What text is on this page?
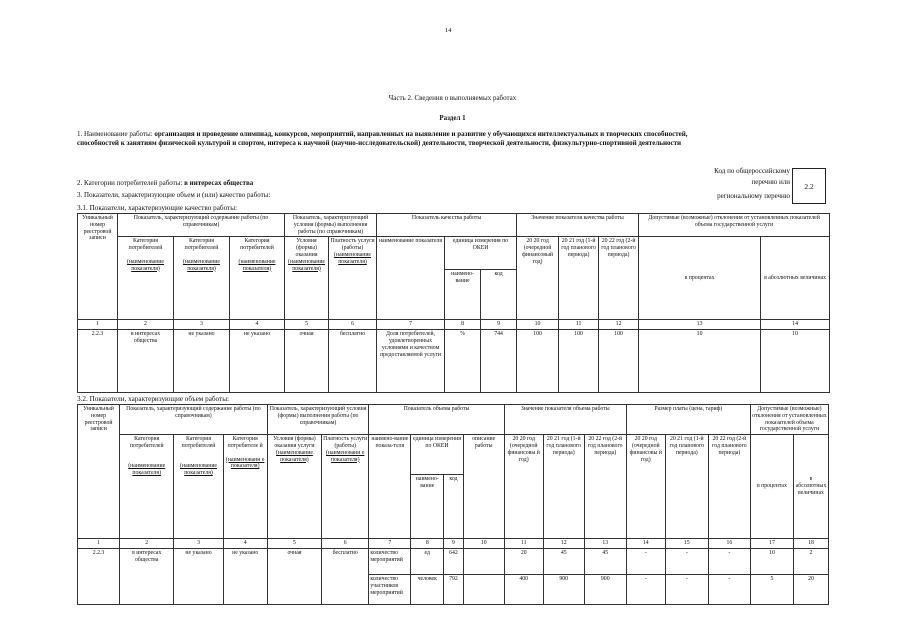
14
Часть 2. Сведения о выполняемых работах
Раздел 1
1. Наименование работы: организация и проведение олимпиад, конкурсов, мероприятий, направленных на выявление и развитие у обучающихся интеллектуальных и творческих способностей, способностей к занятиям физической культурой и спортом, интереса к научной (научно-исследовательской) деятельности, творческой деятельности, физкультурно-спортивной деятельности
2. Категории потребителей работы: в интересах общества
3. Показатели, характеризующие объем и (или) качество работы:
Код по общероссийскому
перечню или
региональному перечню
2.2
3.1. Показатели, характеризующие качество работы:
Уникальный номер реестровой записи	Показатель, характеризующий содержание работы (по справочникам)			Показатель, характеризующий условия (формы) выполнения работы (по справочникам)		Показатель качества работы			Значение показателя качества работы			Допустимые (возможные) отклонения от установленных показателей объема государственной услуги	
	Категория потребителей

(наименование показателя)	Категория потребителей

(наименование показателя)	Категория потребителей

(наименование показателя)	Условия (формы) оказания
(наименование показателя)	Платность услуги (работы)
(наименование показателя)	наименование показателя	единица измерения по ОКЕИ		20 20 год (очередной финансовый год)	20 21 год (1-й год планового периода)	20 22 год (2-й год планового периода)	в процентах	в абсолютных величинах
							наимено-вание	код					
1	2	3	4	5	6	7	8	9	10	11	12	13	14
2.2.3	в интересах общества	не указано	не указано	очная	бесплатно	Доля потребителей, удовлетворенных условиями и качеством предоставляемой услуги	%	744	100	100	100	10	10
3.2. Показатели, характеризующие объем работы:
Уникальный номер реестровой записи	Показатель, характеризующий содержание работы (по справочникам)			Показатель, характеризующий условия (формы) выполнения работы (по справочникам)		Показатель объема работы				Значение показателя объема работы			Размер платы (цена, тариф)			Допустимые (возможные) отклонения от установленных показателей объема государственной услуги	
	Категория потребителей

(наименование показателя)	Категория потребителей

(наименование показателя)	Категория потребителе й

(наименовани е показателя)	Условия (формы) оказания услуги
(наименование показателя)	Платность услуги (работы)
(наименовани е показателя)	наимено-вание показа-теля	единица измерения по ОКЕИ		описание работы	20 20 год (очередной финансовы й год)	20 21 год (1-й год планового периода)	20 22 год (2-й год планового периода)	20 20 год (очередной финансовы й год)	20 21 год (1-й год планового периода)	20 22 год (2-й год планового периода)	в процентах	в абсолютных величинах
							наимено-вание	код									
1	2	3	4	5	6	7	8	9	10	11	12	13	14	15	16	17	18
2.2.3	в интересах общества	не указано	не указано	очная	бесплатно	количество мероприятий	ед	642		20	45	45	-	-	-	10	2
						количество участников мероприятий	человек	792		400	900	900	-	-	-	5	20
